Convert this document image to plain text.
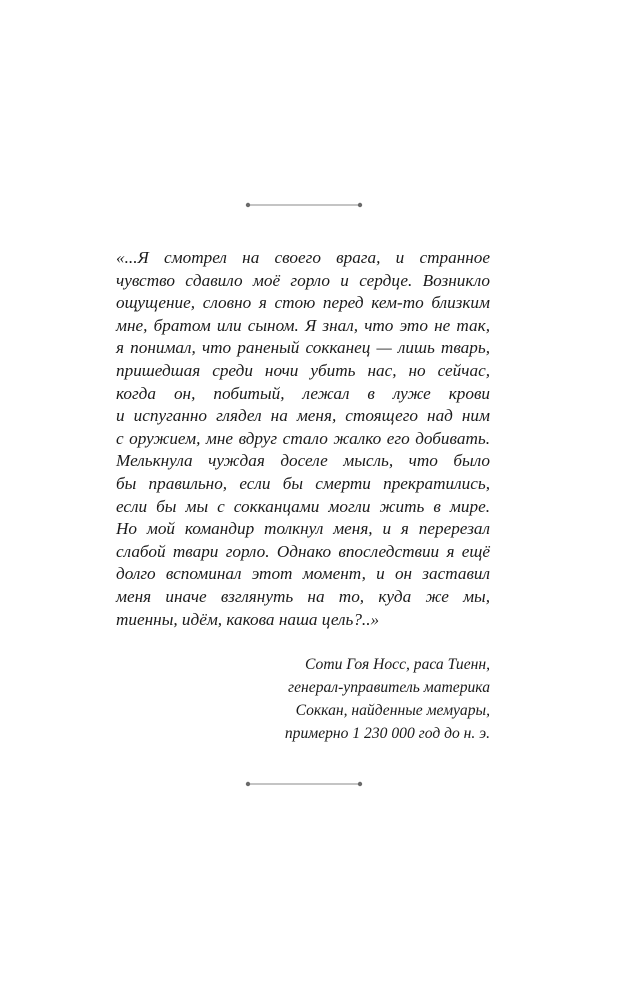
«...Я смотрел на своего врага, и странное
чувство сдавило моё горло и сердце. Возникло
ощущение, словно я стою перед кем-то близким
мне, братом или сыном. Я знал, что это не так,
я понимал, что раненый сокканец — лишь тварь,
пришедшая среди ночи убить нас, но сейчас,
когда он, побитый, лежал в луже крови
и испуганно глядел на меня, стоящего над ним
с оружием, мне вдруг стало жалко его добивать.
Мелькнула чуждая доселе мысль, что было
бы правильно, если бы смерти прекратились,
если бы мы с сокканцами могли жить в мире.
Но мой командир толкнул меня, и я перерезал
слабой твари горло. Однако впоследствии я ещё
долго вспоминал этот момент, и он заставил
меня иначе взглянуть на то, куда же мы,
тиенны, идём, какова наша цель?..»
Соти Гоя Носс, раса Тиенн,
генерал-управитель материка
Соккан, найденные мемуары,
примерно 1 230 000 год до н. э.
